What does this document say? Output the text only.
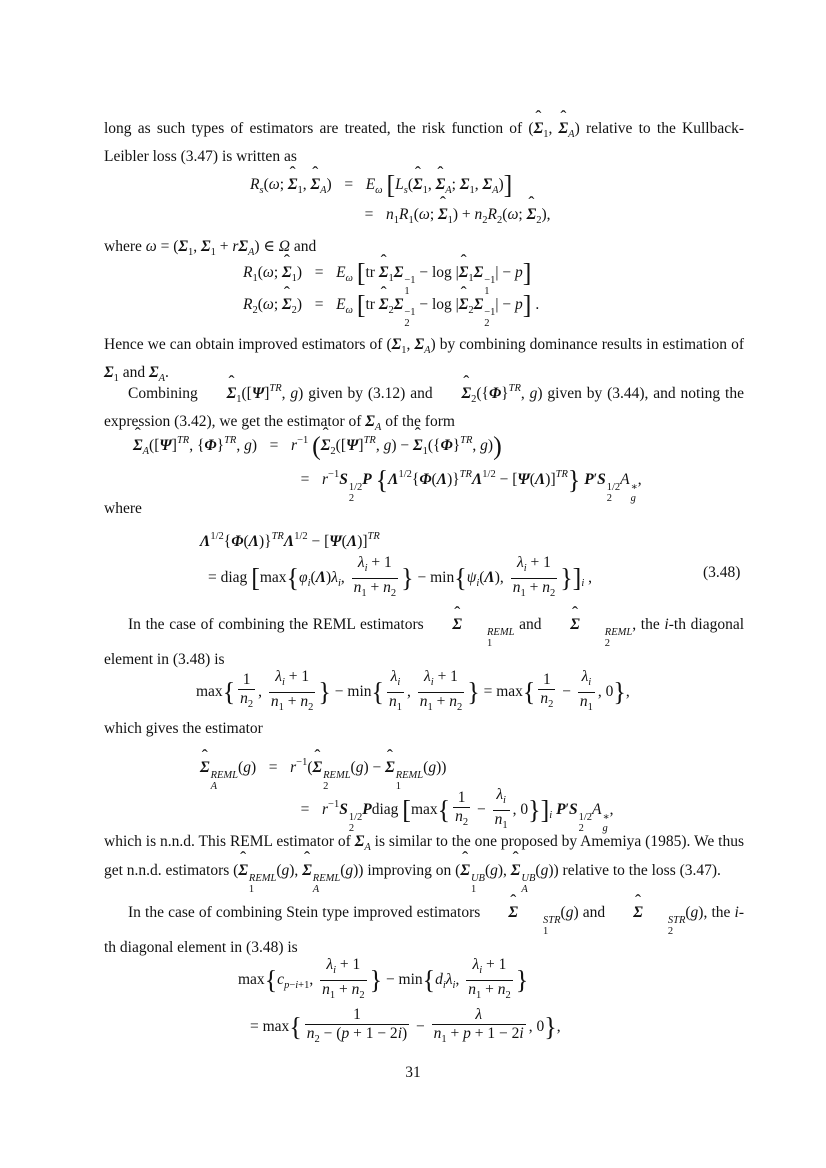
long as such types of estimators are treated, the risk function of (ˆ $\Sigma_1$, ˆ $\Sigma_A$) relative to the Kullback-Leibler loss (3.47) is written as

$R_s(\omega$; ˆ $\Sigma_1$, ˆ $\Sigma_A) = E_\omega$ [$L_s(ˆ$ $\Sigma_1$, ˆ $\Sigma_A$; $\Sigma_1$, $\Sigma_A$)]
= $n_1R_1(\omega$; ˆ $\Sigma_1) + n_2R_2(\omega$; ˆ $\Sigma_2$),

where $\omega = (\Sigma_1$, $\Sigma_1 + r\Sigma_A$) ∈ Ω and

$R_1(\omega$; ˆ $\Sigma_1) = E_\omega$ [tr ˆ $\Sigma_1\Sigma -1$
1
− log |ˆ $\Sigma_1\Sigma -1$
1
| − p]
$R_2(\omega$; ˆ $\Sigma_2) = E_\omega$ [tr ˆ $\Sigma_2\Sigma -1$
2
− log |ˆ $\Sigma_2\Sigma -1$
2
| − p] .

Hence we can obtain improved estimators of ($\Sigma_1$, $\Sigma_A$) by combining dominance results in estimation of $\Sigma_1$ and $\Sigma_A$.

Combining ˆ $\Sigma_1([\Psi]^{TR}$, g) given by (3.12) and ˆ $\Sigma_2(\{\Phi\}^{TR}$, g) given by (3.44), and noting the expression (3.42), we get the estimator of $\Sigma_A$ of the form

ˆ $\Sigma_A([\Psi]^{TR}$, $\{\Phi\}^{TR}$, $g) = r^{-1}$ (ˆ $\Sigma_2([\Psi]^{TR}$, g) − ˆ $\Sigma_1(\{\Phi\}^{TR}$, g))
= $r^{-1}S$ 1/2
2
P $\{\Lambda^{1/2}\{\Phi(\Lambda)\}^{TR}\Lambda^{1/2} - [\Psi(\Lambda)]^{TR}\}$ P′S 1/2
2
A ∗
g
,

where

$\Lambda^{1/2}\{\Phi(\Lambda)\}^{TR}\Lambda^{1/2} - [\Psi(\Lambda)]^{TR}$
= diag [$\max\{\varphi_i(\Lambda)\lambda_i$, $\frac{\lambda_i + 1}{n_1 + n_2}$ } − $\min\{\psi_i(\Lambda)$, $\frac{\lambda_i + 1}{n_1 + n_2} \}]_i$ ,	(3.48)

In the case of combining the REML estimators ˆ Σ	REML
1
and ˆ Σ	REML
2
, the i-th diagonal element in (3.48) is

$\max\{ \frac{1}{n_2}$ , $\frac{\lambda_i + 1}{n_1 + n_2}$ } − $\min\{ \frac{\lambda_i}{n_1}$ , $\frac{\lambda_i + 1}{n_1 + n_2}$ } = $\max\{ \frac{1}{n_2} - \frac{\lambda_i}{n_1}$ , 0},

which gives the estimator

ˆ Σ REML
A
$(g) = r^{-1}(ˆ$ Σ REML
2
(g) − ˆ Σ REML
1
(g))
= $r^{-1}S$ 1/2
2
Pdiag [$\max\{ \frac{1}{n_2} - \frac{\lambda_i}{n_1}$ , $0\}]_i$ P′S 1/2
2
A ∗
g
,

which is n.n.d. This REML estimator of $\Sigma_A$ is similar to the one proposed by Amemiya (1985). We thus get n.n.d. estimators (ˆ Σ REML
1
(g), ˆ Σ REML
A
(g)) improving on (ˆ Σ UB
1
(g), ˆ Σ UB
A
(g)) relative to the loss (3.47).

In the case of combining Stein type improved estimators ˆ Σ	STR
1
(g) and ˆ Σ	STR
2
(g), the i-th diagonal element in (3.48) is

$\max\{c_{p-i+1}$, $\frac{\lambda_i + 1}{n_1 + n_2}$ } − $\min\{d_i\lambda_i$, $\frac{\lambda_i + 1}{n_1 + n_2}$ }
= $\max\{ \frac{1}{n_2 - (p + 1 - 2i)} - \frac{\lambda}{n_1 + p + 1 - 2i}$ , 0},
31
